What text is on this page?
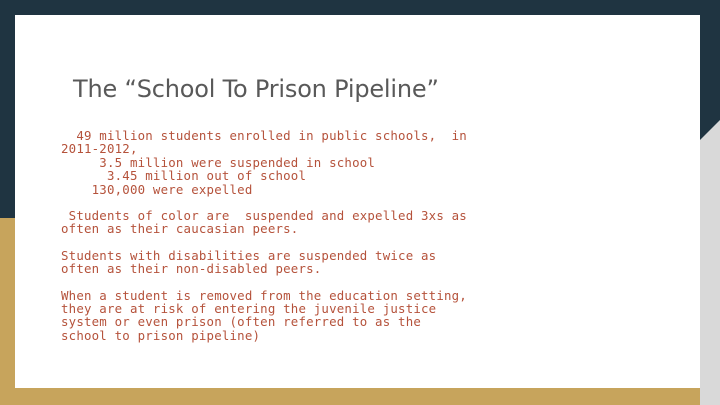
The “School To Prison Pipeline”
49 million students enrolled in public schools,  in
2011-2012,
3.5 million were suspended in school
3.45 million out of school
130,000 were expelled
Students of color are  suspended and expelled 3xs as
often as their caucasian peers.
Students with disabilities are suspended twice as
often as their non-disabled peers.
When a student is removed from the education setting,
they are at risk of entering the juvenile justice
system or even prison (often referred to as the
school to prison pipeline)
